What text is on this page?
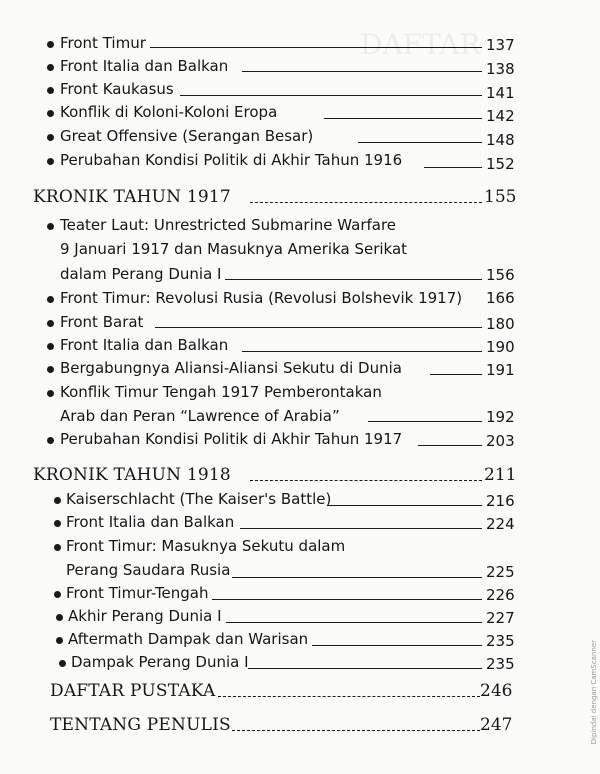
DAFTAR
Front Timur	137
Front Italia dan Balkan	138
Front Kaukasus	141
Konflik di Koloni-Koloni Eropa	142
Great Offensive (Serangan Besar)	148
Perubahan Kondisi Politik di Akhir Tahun 1916	152
KRONIK TAHUN 1917	155
Teater Laut: Unrestricted Submarine Warfare
9 Januari 1917 dan Masuknya Amerika Serikat
dalam Perang Dunia I	156
Front Timur: Revolusi Rusia (Revolusi Bolshevik 1917) 166
Front Barat	180
Front Italia dan Balkan	190
Bergabungnya Aliansi-Aliansi Sekutu di Dunia	191
Konflik Timur Tengah 1917 Pemberontakan
Arab dan Peran “Lawrence of Arabia”	192
Perubahan Kondisi Politik di Akhir Tahun 1917	203
KRONIK TAHUN 1918	211
Kaiserschlacht (The Kaiser's Battle)	216
Front Italia dan Balkan	224
Front Timur: Masuknya Sekutu dalam
Perang Saudara Rusia	225
Front Timur-Tengah	226
Akhir Perang Dunia I	227
Aftermath Dampak dan Warisan	235
Dampak Perang Dunia I	235
DAFTAR PUSTAKA	246
TENTANG PENULIS	247	Dipindai dengan CamScanner
